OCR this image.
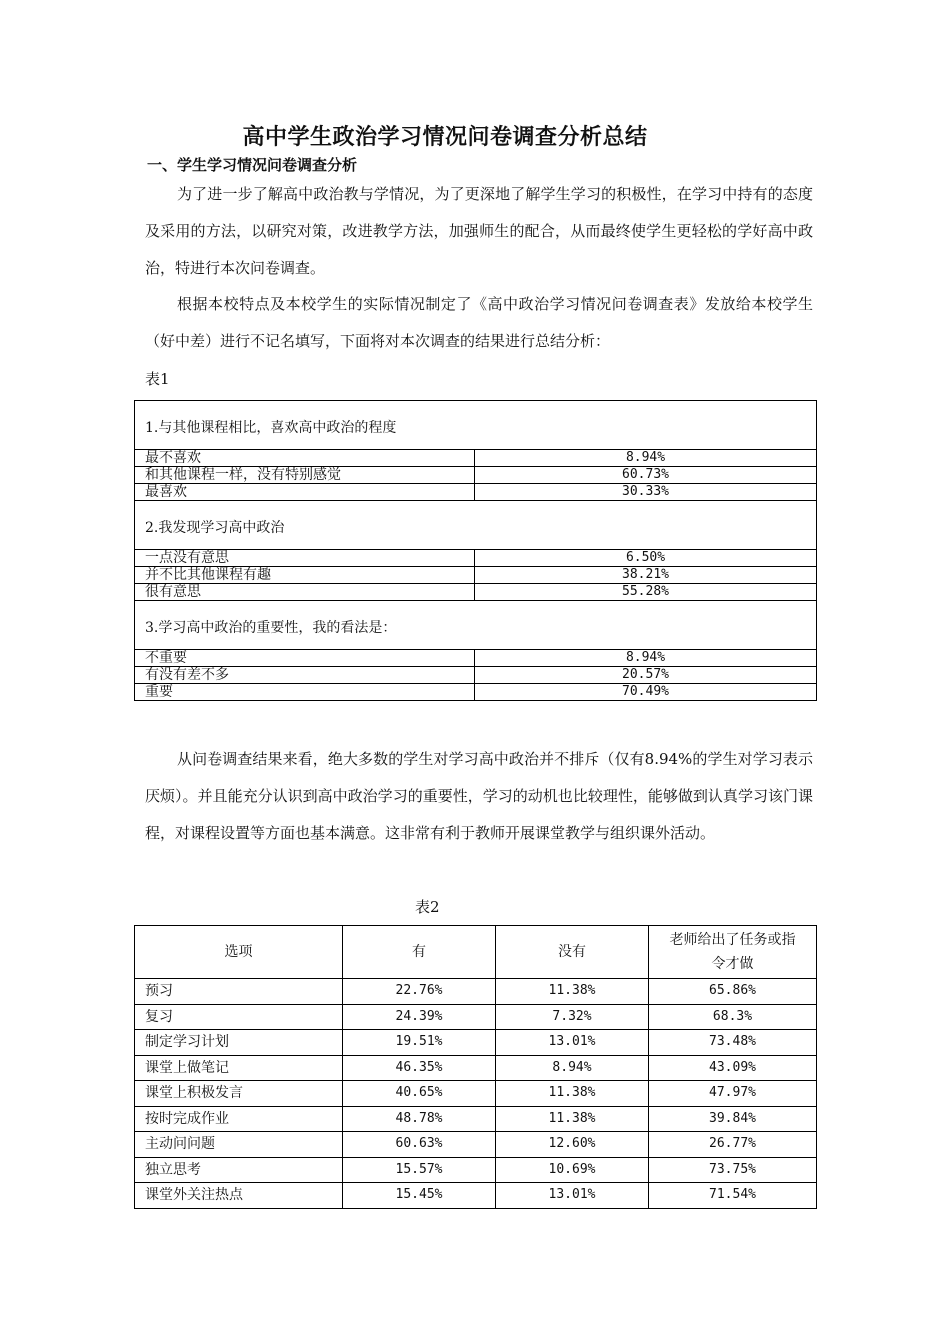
高中学生政治学习情况问卷调查分析总结
一、学生学习情况问卷调查分析

为了进一步了解高中政治教与学情况，为了更深地了解学生学习的积极性，在学习中持有的态度及采用的方法，以研究对策，改进教学方法，加强师生的配合，从而最终使学生更轻松的学好高中政治，特进行本次问卷调查。

根据本校特点及本校学生的实际情况制定了《高中政治学习情况问卷调查表》发放给本校学生（好中差）进行不记名填写，下面将对本次调查的结果进行总结分析：

表1
1.与其他课程相比，喜欢高中政治的程度	
最不喜欢	8.94%
和其他课程一样，没有特别感觉	60.73%
最喜欢	30.33%
2.我发现学习高中政治	
一点没有意思	6.50%
并不比其他课程有趣	38.21%
很有意思	55.28%
3.学习高中政治的重要性，我的看法是：	
不重要	8.94%
有没有差不多	20.57%
重要	70.49%

从问卷调查结果来看，绝大多数的学生对学习高中政治并不排斥（仅有8.94%的学生对学习表示厌烦）。并且能充分认识到高中政治学习的重要性，学习的动机也比较理性，能够做到认真学习该门课程，对课程设置等方面也基本满意。这非常有利于教师开展课堂教学与组织课外活动。

表2
选项	有	没有	老师给出了任务或指令才做
预习	22.76%	11.38%	65.86%
复习	24.39%	7.32%	68.3%
制定学习计划	19.51%	13.01%	73.48%
课堂上做笔记	46.35%	8.94%	43.09%
课堂上积极发言	40.65%	11.38%	47.97%
按时完成作业	48.78%	11.38%	39.84%
主动问问题	60.63%	12.60%	26.77%
独立思考	15.57%	10.69%	73.75%
课堂外关注热点	15.45%	13.01%	71.54%
